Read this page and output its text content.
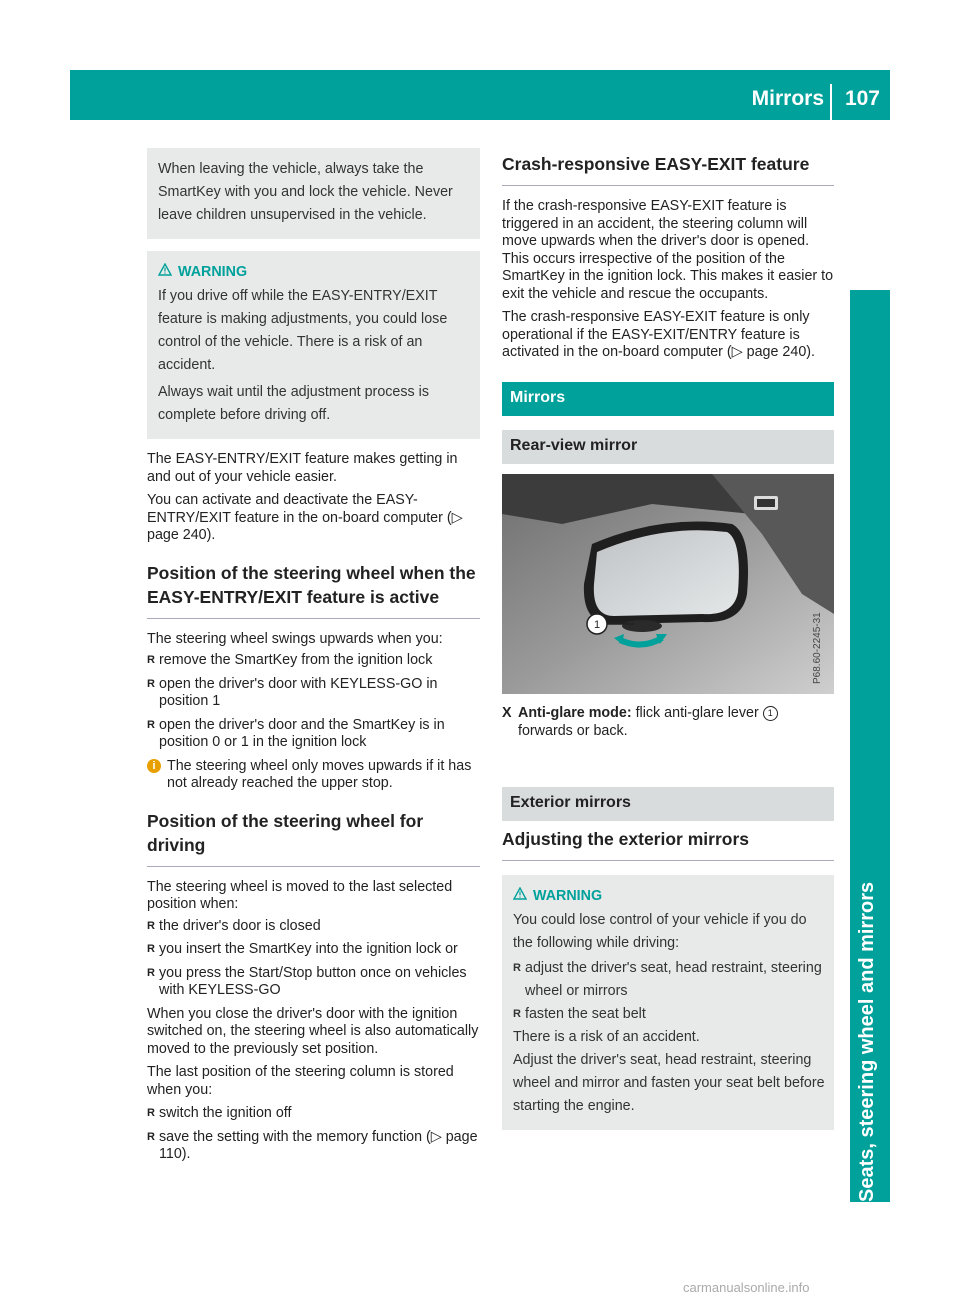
Mirrors 107
Seats, steering wheel and mirrors

When leaving the vehicle, always take the SmartKey with you and lock the vehicle. Never leave children unsupervised in the vehicle.

WARNING

If you drive off while the EASY-ENTRY/EXIT feature is making adjustments, you could lose control of the vehicle. There is a risk of an accident.

Always wait until the adjustment process is complete before driving off.

The EASY-ENTRY/EXIT feature makes getting in and out of your vehicle easier.

You can activate and deactivate the EASY-ENTRY/EXIT feature in the on-board computer (▷ page 240).

Position of the steering wheel when the EASY-ENTRY/EXIT feature is active

The steering wheel swings upwards when you:

R remove the SmartKey from the ignition lock
R open the driver's door with KEYLESS-GO in position 1
R open the driver's door and the SmartKey is in position 0 or 1 in the ignition lock
i The steering wheel only moves upwards if it has not already reached the upper stop.
Position of the steering wheel for driving

The steering wheel is moved to the last selected position when:

R the driver's door is closed
R you insert the SmartKey into the ignition lock or
R you press the Start/Stop button once on vehicles with KEYLESS-GO

When you close the driver's door with the ignition switched on, the steering wheel is also automatically moved to the previously set position.

The last position of the steering column is stored when you:

R switch the ignition off
R save the setting with the memory function (▷ page 110).
Crash-responsive EASY-EXIT feature

If the crash-responsive EASY-EXIT feature is triggered in an accident, the steering column will move upwards when the driver's door is opened. This occurs irrespective of the position of the SmartKey in the ignition lock. This makes it easier to exit the vehicle and rescue the occupants.

The crash-responsive EASY-EXIT feature is only operational if the EASY-EXIT/ENTRY feature is activated in the on-board computer (▷ page 240).

Mirrors
Rear-view mirror
1	P68.60-2245-31
X Anti-glare mode: flick anti-glare lever 1 forwards or back.
Exterior mirrors
Adjusting the exterior mirrors
WARNING

You could lose control of your vehicle if you do the following while driving:

R adjust the driver's seat, head restraint, steering wheel or mirrors
R fasten the seat belt

There is a risk of an accident.

Adjust the driver's seat, head restraint, steering wheel and mirror and fasten your seat belt before starting the engine.

carmanualsonline.info
